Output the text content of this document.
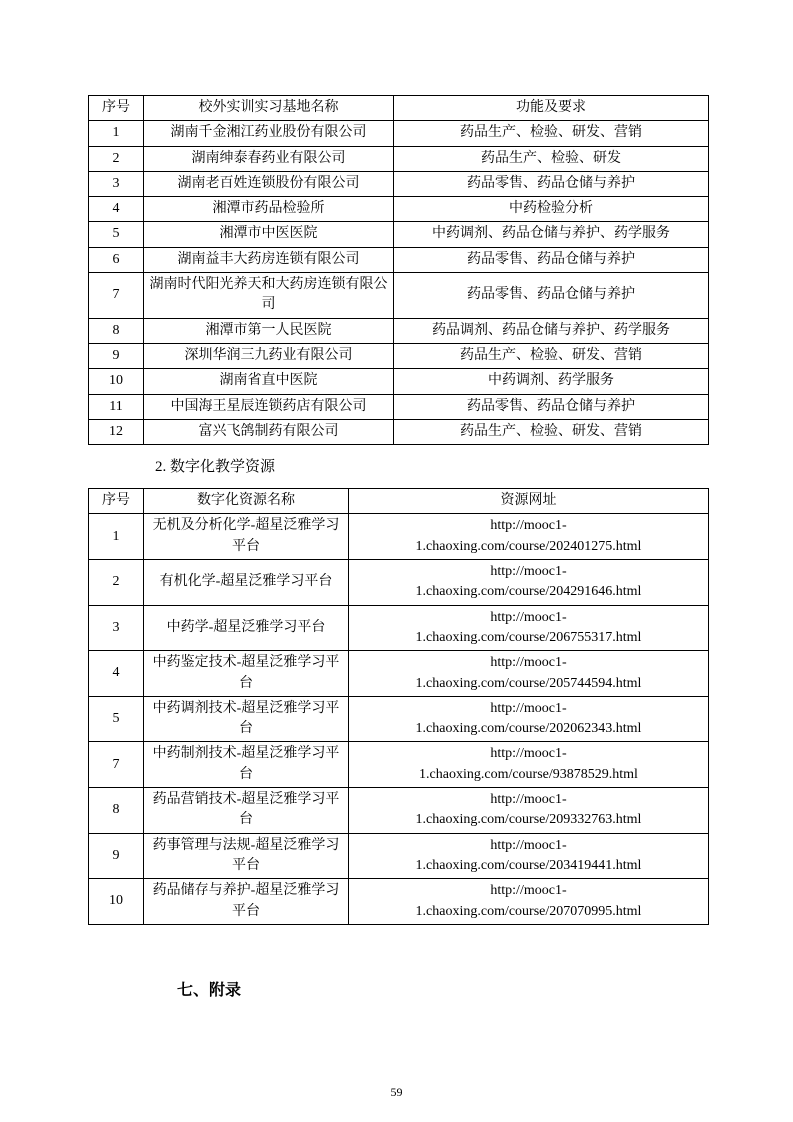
序号	校外实训实习基地名称	功能及要求
1	湖南千金湘江药业股份有限公司	药品生产、检验、研发、营销
2	湖南绅泰春药业有限公司	药品生产、检验、研发
3	湖南老百姓连锁股份有限公司	药品零售、药品仓储与养护
4	湘潭市药品检验所	中药检验分析
5	湘潭市中医医院	中药调剂、药品仓储与养护、药学服务
6	湖南益丰大药房连锁有限公司	药品零售、药品仓储与养护
7	湖南时代阳光养天和大药房连锁有限公司	药品零售、药品仓储与养护
8	湘潭市第一人民医院	药品调剂、药品仓储与养护、药学服务
9	深圳华润三九药业有限公司	药品生产、检验、研发、营销
10	湖南省直中医院	中药调剂、药学服务
11	中国海王星辰连锁药店有限公司	药品零售、药品仓储与养护
12	富兴飞鸽制药有限公司	药品生产、检验、研发、营销
2. 数字化教学资源
序号	数字化资源名称	资源网址
1	无机及分析化学-超星泛雅学习平台	http://mooc1-
1.chaoxing.com/course/202401275.html

2	有机化学-超星泛雅学习平台	http://mooc1-
1.chaoxing.com/course/204291646.html

3	中药学-超星泛雅学习平台	http://mooc1-
1.chaoxing.com/course/206755317.html

4	中药鉴定技术-超星泛雅学习平台	http://mooc1-
1.chaoxing.com/course/205744594.html

5	中药调剂技术-超星泛雅学习平台	http://mooc1-
1.chaoxing.com/course/202062343.html

7	中药制剂技术-超星泛雅学习平台	http://mooc1-
1.chaoxing.com/course/93878529.html

8	药品营销技术-超星泛雅学习平台	http://mooc1-
1.chaoxing.com/course/209332763.html

9	药事管理与法规-超星泛雅学习平台	http://mooc1-
1.chaoxing.com/course/203419441.html

10	药品储存与养护-超星泛雅学习平台	http://mooc1-
1.chaoxing.com/course/207070995.html
七、附录
59
